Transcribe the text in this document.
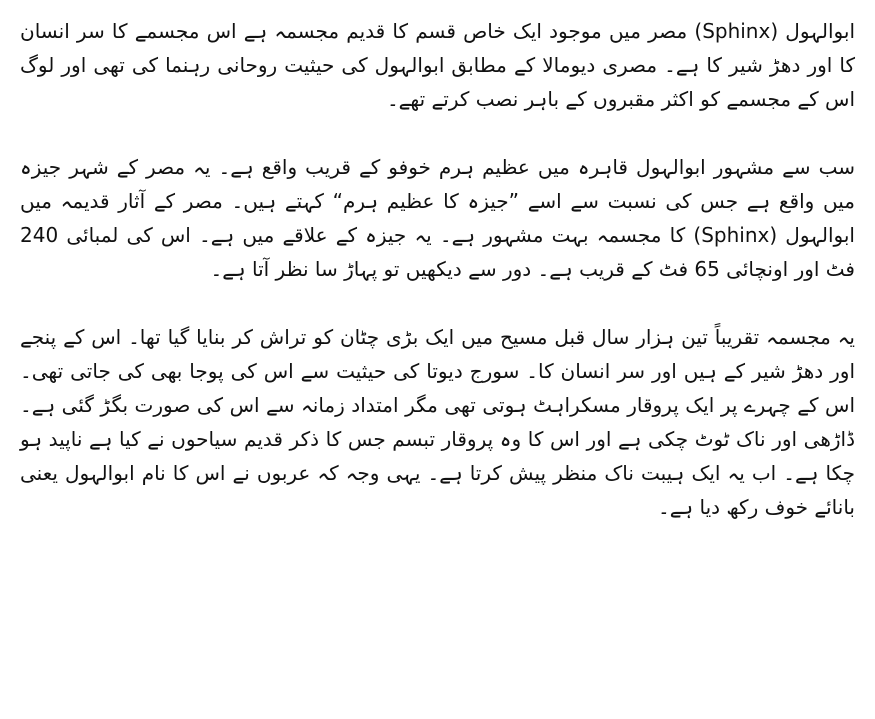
ابوالہول (Sphinx) مصر میں موجود ایک خاص قسم کا قدیم مجسمہ ہے اس مجسمے کا سر انسان کا اور دھڑ شیر کا ہے۔ مصری دیومالا کے مطابق ابوالہول کی حیثیت روحانی رہنما کی تھی اور لوگ اس کے مجسمے کو اکثر مقبروں کے باہر نصب کرتے تھے۔

سب سے مشہور ابوالہول قاہرہ میں عظیم ہرم خوفو کے قریب واقع ہے۔ یہ مصر کے شہر جیزہ میں واقع ہے جس کی نسبت سے اسے ”جیزہ کا عظیم ہرم“ کہتے ہیں۔ مصر کے آثار قدیمہ میں ابوالہول (Sphinx) کا مجسمہ بہت مشہور ہے۔ یہ جیزہ کے علاقے میں ہے۔ اس کی لمبائی 240 فٹ اور اونچائی 65 فٹ کے قریب ہے۔ دور سے دیکھیں تو پہاڑ سا نظر آتا ہے۔

یہ مجسمہ تقریباً تین ہزار سال قبل مسیح میں ایک بڑی چٹان کو تراش کر بنایا گیا تھا۔ اس کے پنجے اور دھڑ شیر کے ہیں اور سر انسان کا۔ سورج دیوتا کی حیثیت سے اس کی پوجا بھی کی جاتی تھی۔ اس کے چہرے پر ایک پروقار مسکراہٹ ہوتی تھی مگر امتداد زمانہ سے اس کی صورت بگڑ گئی ہے۔ ڈاڑھی اور ناک ٹوٹ چکی ہے اور اس کا وہ پروقار تبسم جس کا ذکر قدیم سیاحوں نے کیا ہے ناپید ہو چکا ہے۔ اب یہ ایک ہیبت ناک منظر پیش کرتا ہے۔ یہی وجہ کہ عربوں نے اس کا نام ابوالہول یعنی بانائے خوف رکھ دیا ہے۔
